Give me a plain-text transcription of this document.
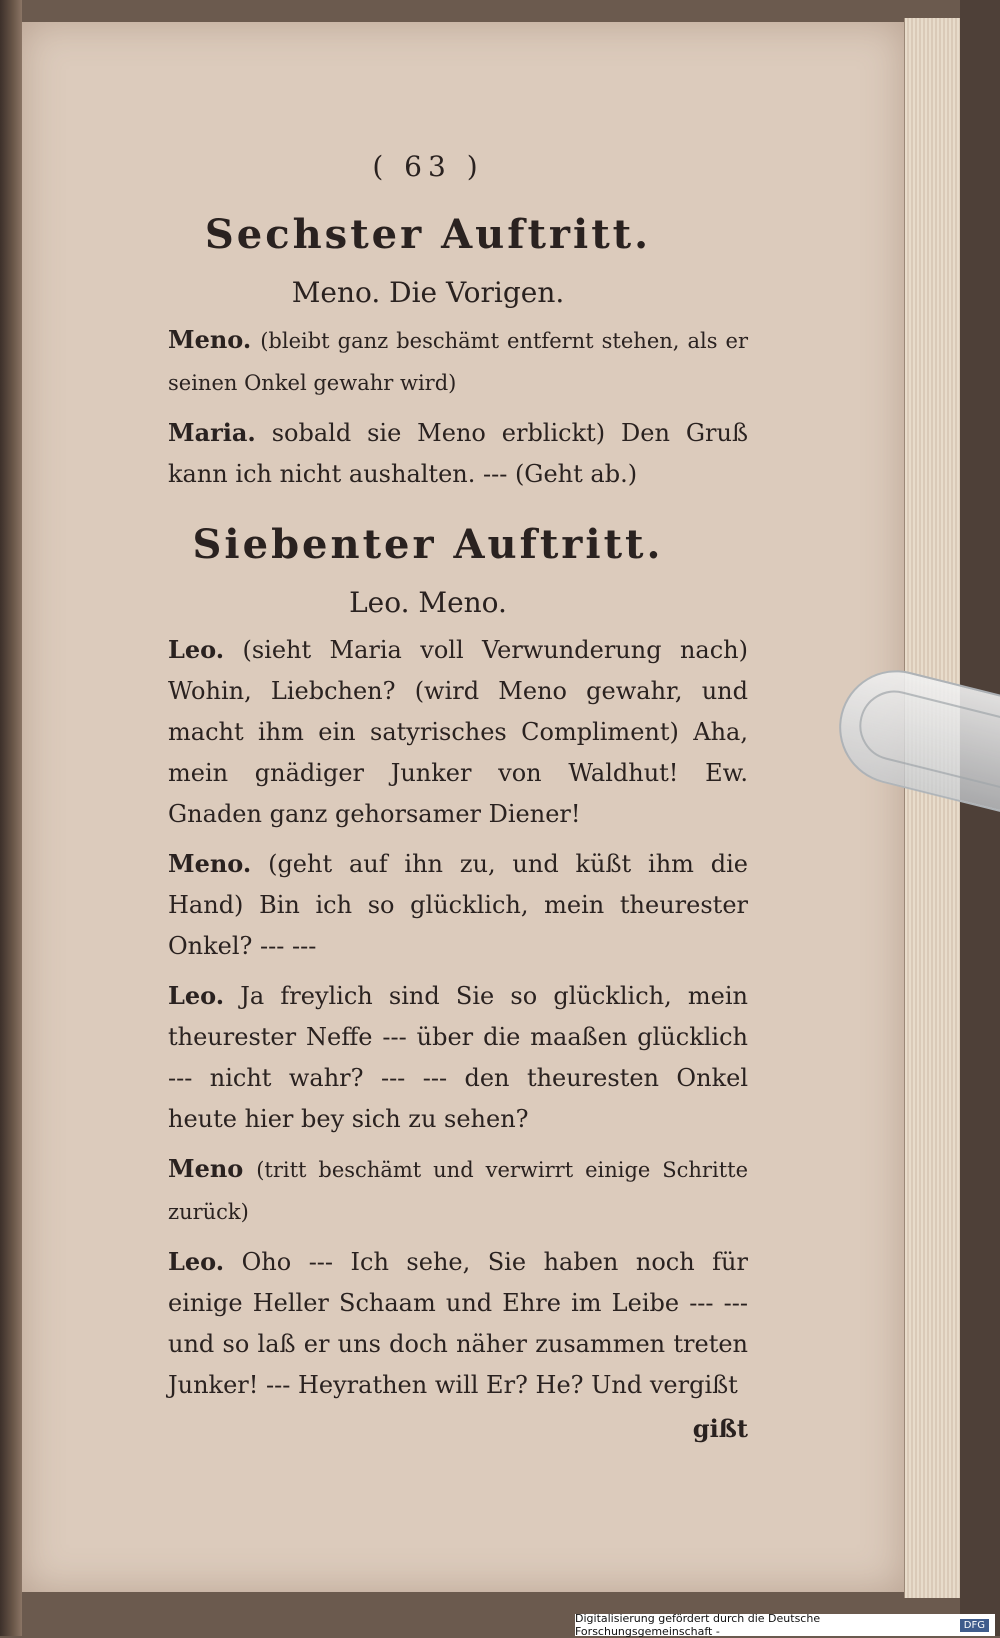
( 63 )
Sechster Auftritt.
Meno. Die Vorigen.

Meno. (bleibt ganz beschämt entfernt stehen, als er seinen Onkel gewahr wird)

Maria. sobald sie Meno erblickt) Den Gruß kann ich nicht aushalten. --- (Geht ab.)

Siebenter Auftritt.
Leo. Meno.

Leo. (sieht Maria voll Verwunderung nach) Wohin, Liebchen? (wird Meno gewahr, und macht ihm ein satyrisches Compliment) Aha, mein gnädiger Junker von Waldhut! Ew. Gnaden ganz gehorsamer Diener!

Meno. (geht auf ihn zu, und küßt ihm die Hand) Bin ich so glücklich, mein theurester Onkel? --- ---

Leo. Ja freylich sind Sie so glücklich, mein theurester Neffe --- über die maaßen glücklich --- nicht wahr? --- --- den theuresten Onkel heute hier bey sich zu sehen?

Meno (tritt beschämt und verwirrt einige Schritte zurück)

Leo. Oho --- Ich sehe, Sie haben noch für einige Heller Schaam und Ehre im Leibe --- --- und so laß er uns doch näher zusammen treten Junker! --- Heyrathen will Er? He? Und vergißt

gißt
Digitalisierung gefördert durch die Deutsche Forschungsgemeinschaft -	DFG
